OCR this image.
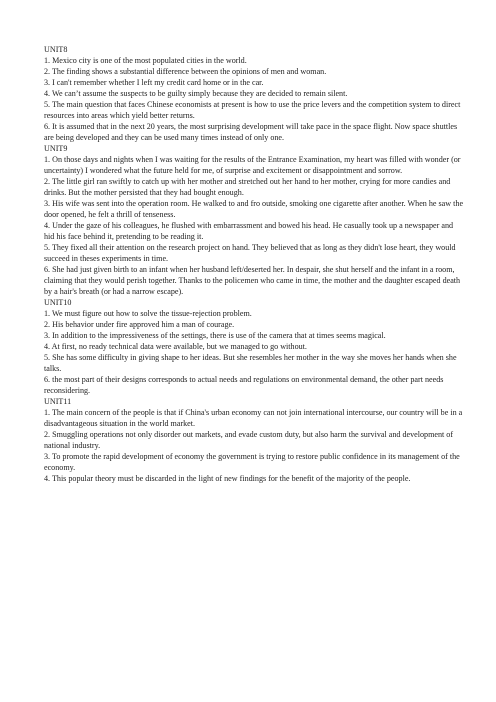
UNIT8
1. Mexico city is one of the most populated cities in the world.
2. The finding shows a substantial difference between the opinions of men and woman.
3. I can't remember whether I left my credit card home or in the car.
4. We can’t assume the suspects to be guilty simply because they are decided to remain silent.
5. The main question that faces Chinese economists at present is how to use the price levers and the competition system to direct resources into areas which yield better returns.
6. It is assumed that in the next 20 years, the most surprising development will take pace in the space flight. Now space shuttles are being developed and they can be used many times instead of only one.
UNIT9
1. On those days and nights when I was waiting for the results of the Entrance Examination, my heart was filled with wonder (or uncertainty) I wondered what the future held for me, of surprise and excitement or disappointment and sorrow.
2. The little girl ran swiftly to catch up with her mother and stretched out her hand to her mother, crying for more candies and drinks. But the mother persisted that they had bought enough.
3. His wife was sent into the operation room. He walked to and fro outside, smoking one cigarette after another. When he saw the door opened, he felt a thrill of tenseness.
4. Under the gaze of his colleagues, he flushed with embarrassment and bowed his head. He casually took up a newspaper and hid his face behind it, pretending to be reading it.
5. They fixed all their attention on the research project on hand. They believed that as long as they didn't lose heart, they would succeed in theses experiments in time.
6. She had just given birth to an infant when her husband left/deserted her. In despair, she shut herself and the infant in a room, claiming that they would perish together. Thanks to the policemen who came in time, the mother and the daughter escaped death by a hair's breath (or had a narrow escape).
UNIT10
1. We must figure out how to solve the tissue-rejection problem.
2. His behavior under fire approved him a man of courage.
3. In addition to the impressiveness of the settings, there is use of the camera that at times seems magical.
4. At first, no ready technical data were available, but we managed to go without.
5. She has some difficulty in giving shape to her ideas. But she resembles her mother in the way she moves her hands when she talks.
6. the most part of their designs corresponds to actual needs and regulations on environmental demand, the other part needs reconsidering.
UNIT11
1. The main concern of the people is that if China's urban economy can not join international intercourse, our country will be in a disadvantageous situation in the world market.
2. Smuggling operations not only disorder out markets, and evade custom duty, but also harm the survival and development of national industry.
3. To promote the rapid development of economy the government is trying to restore public confidence in its management of the economy.
4. This popular theory must be discarded in the light of new findings for the benefit of the majority of the people.
